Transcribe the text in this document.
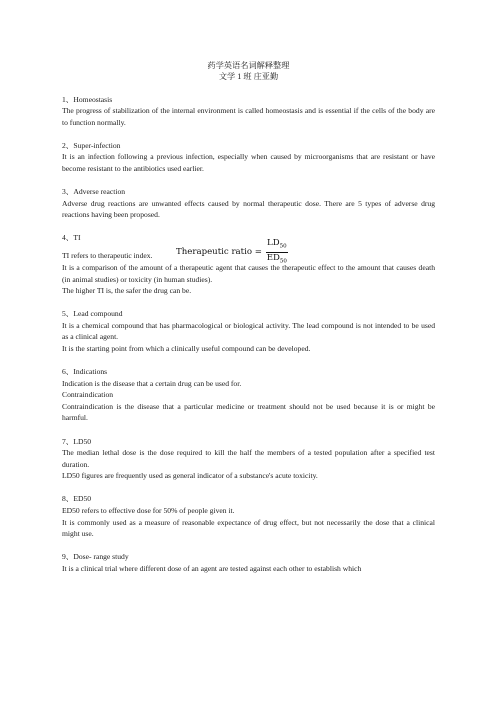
药学英语名词解释整理
文学 1 班 庄亚勤
1、Homeostasis

The progress of stabilization of the internal environment is called homeostasis and is essential if the cells of the body are to function normally.

2、Super-infection

It is an infection following a previous infection, especially when caused by microorganisms that are resistant or have become resistant to the antibiotics used earlier.

3、Adverse reaction

Adverse drug reactions are unwanted effects caused by normal therapeutic dose. There are 5 types of adverse drug reactions having been proposed.

4、TI

TI refers to therapeutic index.	Therapeutic ratio = $\frac{LD_{50}}{ED_{50}}$

It is a comparison of the amount of a therapeutic agent that causes the therapeutic effect to the amount that causes death (in animal studies) or toxicity (in human studies).

The higher TI is, the safer the drug can be.

5、Lead compound

It is a chemical compound that has pharmacological or biological activity. The lead compound is not intended to be used as a clinical agent.

It is the starting point from which a clinically useful compound can be developed.

6、Indications

Indication is the disease that a certain drug can be used for.

Contraindication

Contraindication is the disease that a particular medicine or treatment should not be used because it is or might be harmful.

7、LD50

The median lethal dose is the dose required to kill the half the members of a tested population after a specified test duration.

LD50 figures are frequently used as general indicator of a substance's acute toxicity.

8、ED50

ED50 refers to effective dose for 50% of people given it.

It is commonly used as a measure of reasonable expectance of drug effect, but not necessarily the dose that a clinical might use.

9、Dose- range study

It is a clinical trial where different dose of an agent are tested against each other to establish which
